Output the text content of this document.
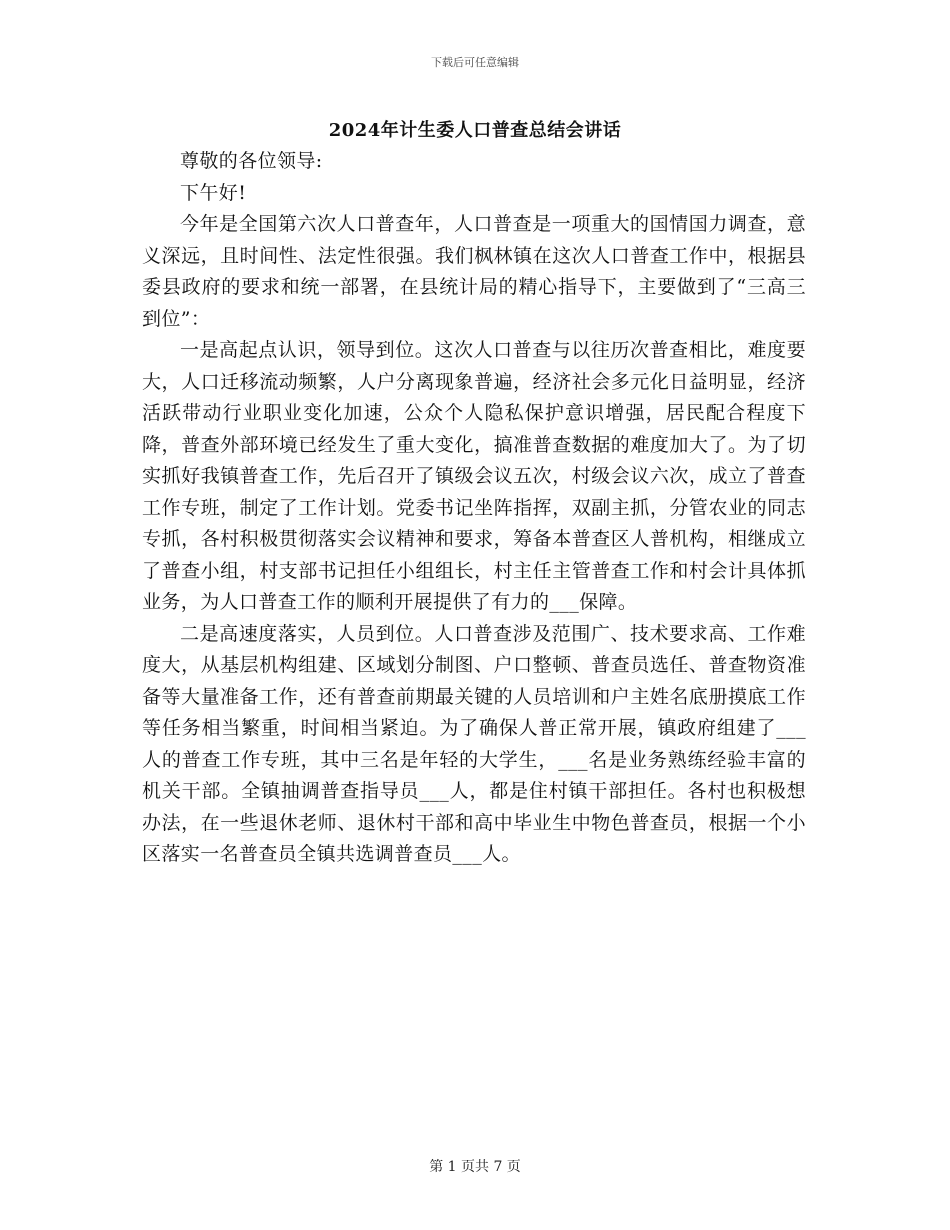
下载后可任意编辑
2024年计生委人口普查总结会讲话

尊敬的各位领导:

下午好!

今年是全国第六次人口普查年，人口普查是一项重大的国情国力调查，意义深远，且时间性、法定性很强。我们枫林镇在这次人口普查工作中，根据县委县政府的要求和统一部署，在县统计局的精心指导下，主要做到了“三高三到位”：

一是高起点认识，领导到位。这次人口普查与以往历次普查相比，难度要大，人口迁移流动频繁，人户分离现象普遍，经济社会多元化日益明显，经济活跃带动行业职业变化加速，公众个人隐私保护意识增强，居民配合程度下降，普查外部环境已经发生了重大变化，搞准普查数据的难度加大了。为了切实抓好我镇普查工作，先后召开了镇级会议五次，村级会议六次，成立了普查工作专班，制定了工作计划。党委书记坐阵指挥，双副主抓，分管农业的同志专抓，各村积极贯彻落实会议精神和要求，筹备本普查区人普机构，相继成立了普查小组，村支部书记担任小组组长，村主任主管普查工作和村会计具体抓业务，为人口普查工作的顺利开展提供了有力的___保障。

二是高速度落实，人员到位。人口普查涉及范围广、技术要求高、工作难度大，从基层机构组建、区域划分制图、户口整顿、普查员选任、普查物资准备等大量准备工作，还有普查前期最关键的人员培训和户主姓名底册摸底工作等任务相当繁重，时间相当紧迫。为了确保人普正常开展，镇政府组建了___人的普查工作专班，其中三名是年轻的大学生，___名是业务熟练经验丰富的机关干部。全镇抽调普查指导员___人，都是住村镇干部担任。各村也积极想办法，在一些退休老师、退休村干部和高中毕业生中物色普查员，根据一个小区落实一名普查员全镇共选调普查员___人。

第 1 页共 7 页
